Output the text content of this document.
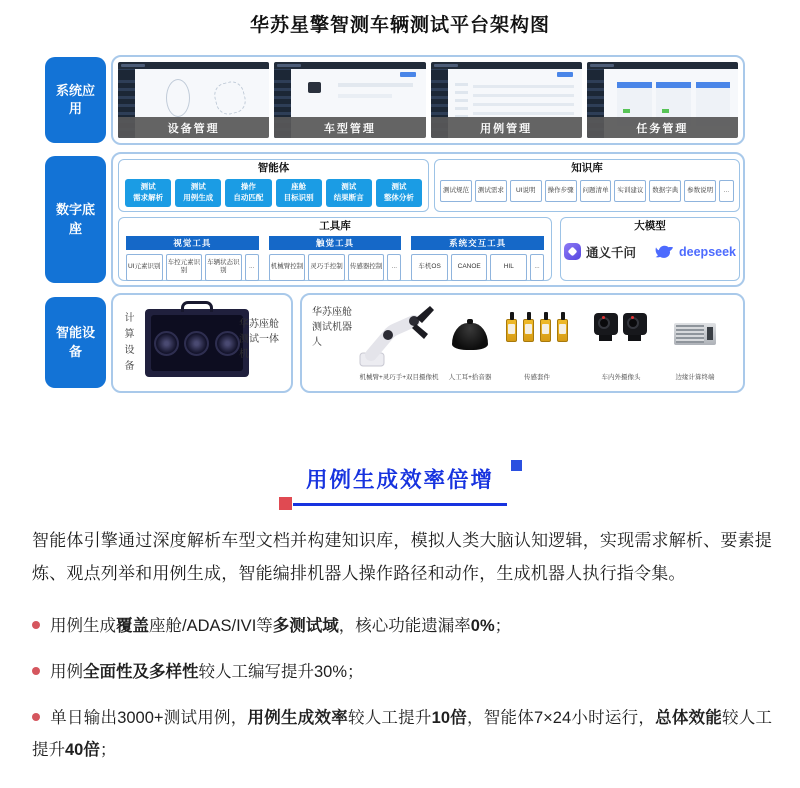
华苏星擎智测车辆测试平台架构图
系统应用
数字底座
智能设备
设备管理	车型管理	用例管理	任务管理
智能体
测试
需求解析
测试
用例生成
操作
自动匹配
座舱
目标识别
测试
结果断言
测试
整体分析
知识库
测试规范	测试需求	UI说明	操作步骤	问题清单	实训建议	数据字典	参数说明	...
工具库
视觉工具
UI元素识别
车控元素识别
车辆状态识别
...
触觉工具
机械臂控制	灵巧手控制	传感器控制	...
系统交互工具
车机OS	CANOE	HIL	...
大模型
通义千问	deepseek
计算设备
华苏座舱测试一体机
华苏座舱测试机器人
机械臂+灵巧手+双目摄像机	人工耳+拾音器	传感套件	车内外摄像头	边缘计算终端
用例生成效率倍增
智能体引擎通过深度解析车型文档并构建知识库，模拟人类大脑认知逻辑，实现需求解析、要素提炼、观点列举和用例生成，智能编排机器人操作路径和动作，生成机器人执行指令集。
用例生成覆盖座舱/ADAS/IVI等多测试域，核心功能遗漏率0%；
用例全面性及多样性较人工编写提升30%；
单日输出3000+测试用例，用例生成效率较人工提升10倍，智能体7×24小时运行，总体效能较人工提升40倍；
